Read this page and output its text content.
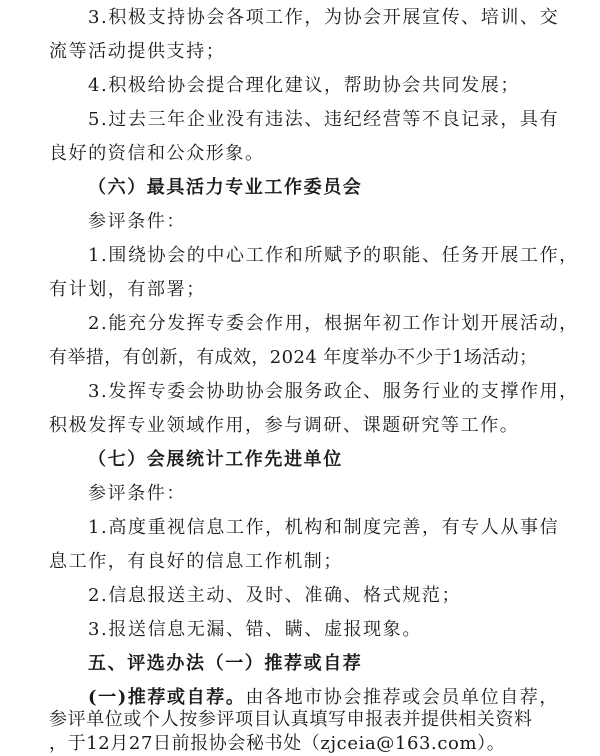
3.积极支持协会各项工作，为协会开展宣传、培训、交
流等活动提供支持；
4.积极给协会提合理化建议，帮助协会共同发展；
5.过去三年企业没有违法、违纪经营等不良记录，具有
良好的资信和公众形象。
（六）最具活力专业工作委员会
参评条件：
1.围绕协会的中心工作和所赋予的职能、任务开展工作，
有计划，有部署；
2.能充分发挥专委会作用，根据年初工作计划开展活动，
有举措，有创新，有成效，2024 年度举办不少于1场活动；
3.发挥专委会协助协会服务政企、服务行业的支撑作用，
积极发挥专业领域作用，参与调研、课题研究等工作。
（七）会展统计工作先进单位
参评条件：
1.高度重视信息工作，机构和制度完善，有专人从事信
息工作，有良好的信息工作机制；
2.信息报送主动、及时、准确、格式规范；
3.报送信息无漏、错、瞒、虚报现象。
五、评选办法（一）推荐或自荐
(一)推荐或自荐。由各地市协会推荐或会员单位自荐，
参评单位或个人按参评项目认真填写申报表并提供相关资料
，于12月27日前报协会秘书处（zjceia@163.com）。
